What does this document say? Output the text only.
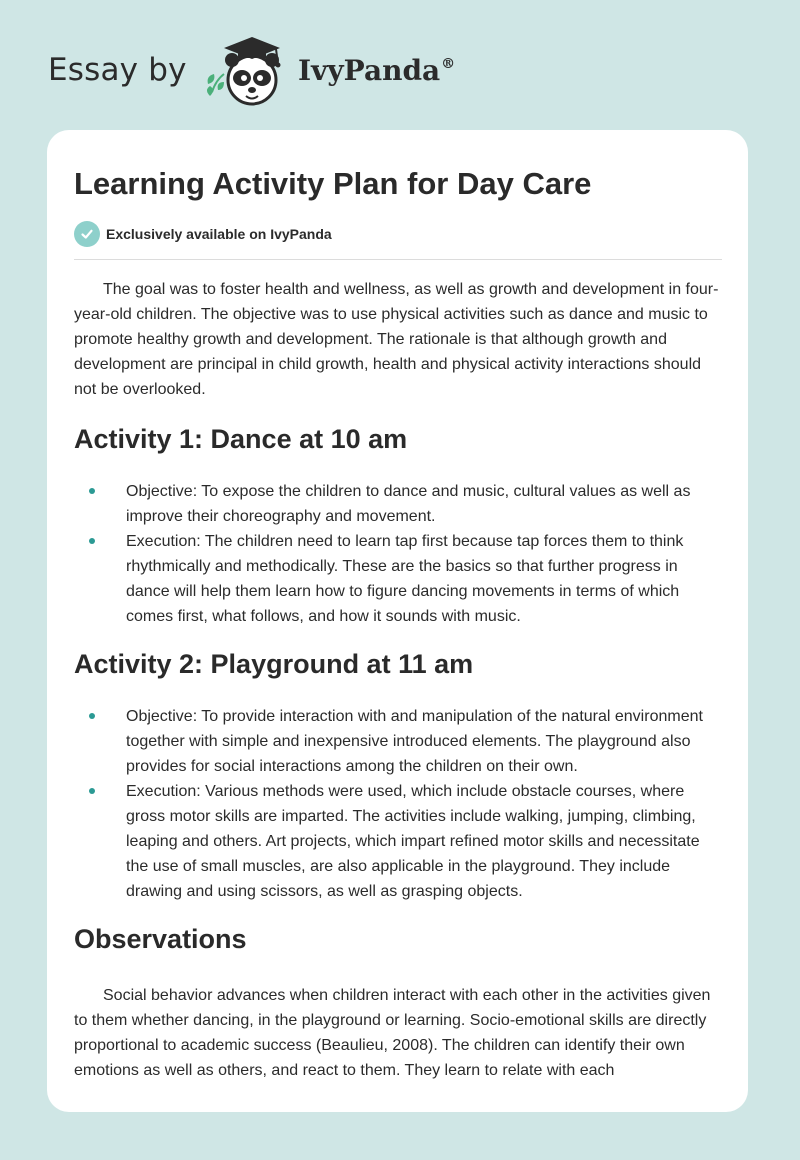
Essay by	IvyPanda®
Learning Activity Plan for Day Care
Exclusively available on IvyPanda

The goal was to foster health and wellness, as well as growth and development in four-year-old children. The objective was to use physical activities such as dance and music to promote healthy growth and development. The rationale is that although growth and development are principal in child growth, health and physical activity interactions should not be overlooked.

Activity 1: Dance at 10 am
Objective: To expose the children to dance and music, cultural values as well as improve their choreography and movement.
Execution: The children need to learn tap first because tap forces them to think rhythmically and methodically. These are the basics so that further progress in dance will help them learn how to figure dancing movements in terms of which comes first, what follows, and how it sounds with music.
Activity 2: Playground at 11 am
Objective: To provide interaction with and manipulation of the natural environment together with simple and inexpensive introduced elements. The playground also provides for social interactions among the children on their own.
Execution: Various methods were used, which include obstacle courses, where gross motor skills are imparted. The activities include walking, jumping, climbing, leaping and others. Art projects, which impart refined motor skills and necessitate the use of small muscles, are also applicable in the playground. They include drawing and using scissors, as well as grasping objects.
Observations

Social behavior advances when children interact with each other in the activities given to them whether dancing, in the playground or learning. Socio-emotional skills are directly proportional to academic success (Beaulieu, 2008). The children can identify their own emotions as well as others, and react to them. They learn to relate with each
